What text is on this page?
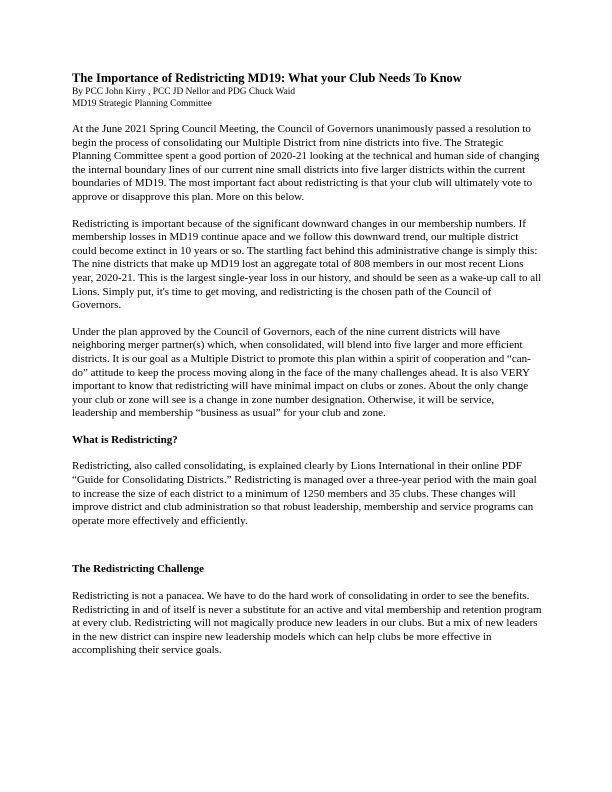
The Importance of Redistricting MD19: What your Club Needs To Know

By PCC John Kirry , PCC JD Nellor and PDG Chuck Waid

MD19 Strategic Planning Committee

At the June 2021 Spring Council Meeting, the Council of Governors unanimously passed a resolution to begin the process of consolidating our Multiple District from nine districts into five. The Strategic Planning Committee spent a good portion of 2020-21 looking at the technical and human side of changing the internal boundary lines of our current nine small districts into five larger districts within the current boundaries of MD19. The most important fact about redistricting is that your club will ultimately vote to approve or disapprove this plan. More on this below.

Redistricting is important because of the significant downward changes in our membership numbers. If membership losses in MD19 continue apace and we follow this downward trend, our multiple district could become extinct in 10 years or so. The startling fact behind this administrative change is simply this: The nine districts that make up MD19 lost an aggregate total of 808 members in our most recent Lions year, 2020-21. This is the largest single-year loss in our history, and should be seen as a wake-up call to all Lions. Simply put, it's time to get moving, and redistricting is the chosen path of the Council of Governors.

Under the plan approved by the Council of Governors, each of the nine current districts will have neighboring merger partner(s) which, when consolidated, will blend into five larger and more efficient districts. It is our goal as a Multiple District to promote this plan within a spirit of cooperation and “can-do” attitude to keep the process moving along in the face of the many challenges ahead. It is also VERY important to know that redistricting will have minimal impact on clubs or zones. About the only change your club or zone will see is a change in zone number designation. Otherwise, it will be service, leadership and membership “business as usual” for your club and zone.

What is Redistricting?

Redistricting, also called consolidating, is explained clearly by Lions International in their online PDF “Guide for Consolidating Districts.” Redistricting is managed over a three-year period with the main goal to increase the size of each district to a minimum of 1250 members and 35 clubs. These changes will improve district and club administration so that robust leadership, membership and service programs can operate more effectively and efficiently.

The Redistricting Challenge

Redistricting is not a panacea. We have to do the hard work of consolidating in order to see the benefits. Redistricting in and of itself is never a substitute for an active and vital membership and retention program at every club. Redistricting will not magically produce new leaders in our clubs. But a mix of new leaders in the new district can inspire new leadership models which can help clubs be more effective in accomplishing their service goals.
